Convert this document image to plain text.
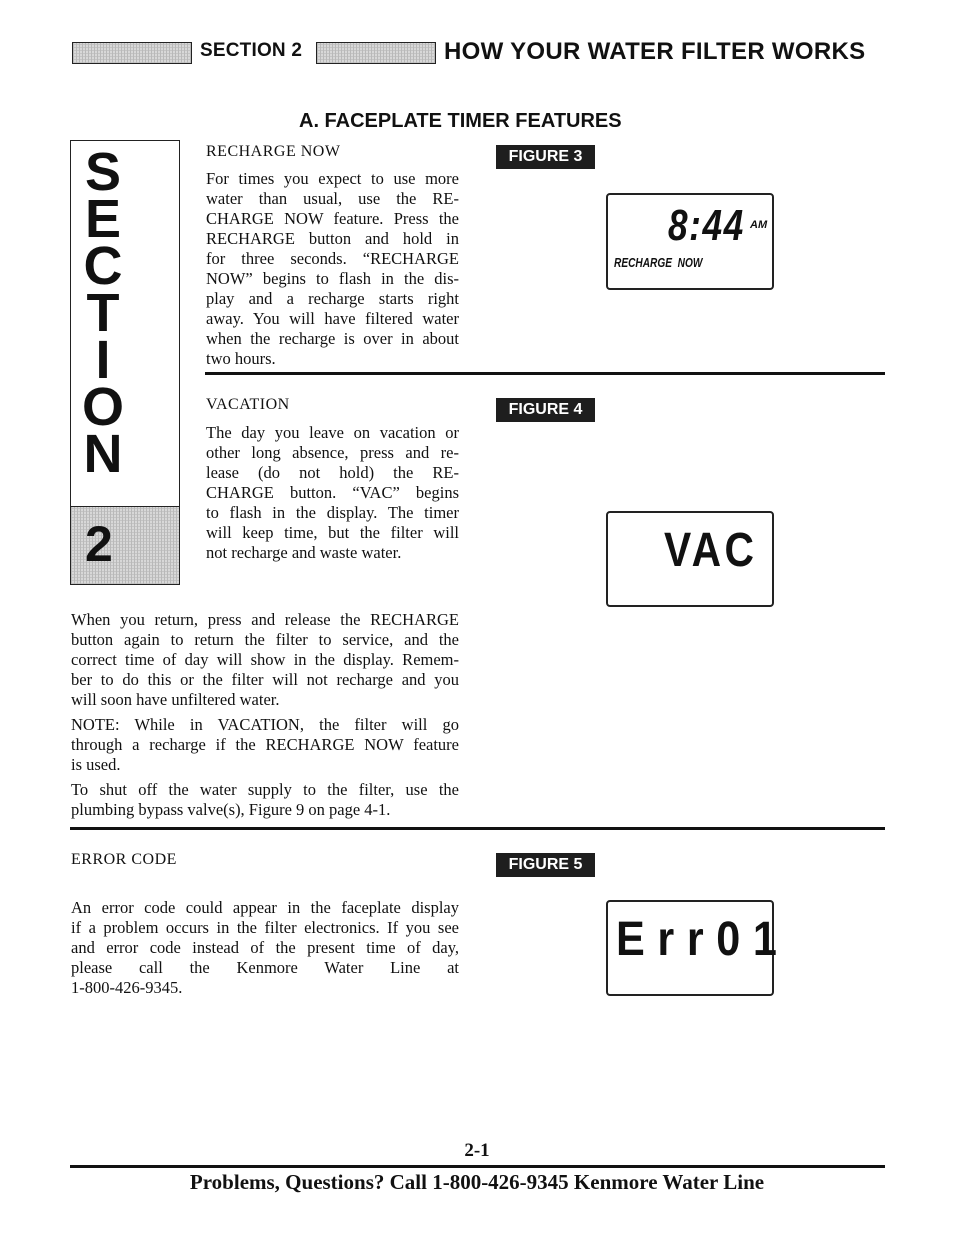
SECTION 2	HOW YOUR WATER FILTER WORKS
A. FACEPLATE TIMER FEATURES
S
E
C
T
I
O
N
2
RECHARGE NOW

For times you expect to use more

water than usual, use the RE-

CHARGE NOW feature. Press the

RECHARGE button and hold in

for three seconds. “RECHARGE

NOW” begins to flash in the dis-

play and a recharge starts right

away. You will have filtered water

when the recharge is over in about

two hours.

FIGURE 3
8:44 AM
RECHARGE  NOW
VACATION

The day you leave on vacation or

other long absence, press and re-

lease (do not hold) the RE-

CHARGE button. “VAC” begins

to flash in the display. The timer

will keep time, but the filter will

not recharge and waste water.

FIGURE 4
VAC

When you return, press and release the RECHARGE

button again to return the filter to service, and the

correct time of day will show in the display. Remem-

ber to do this or the filter will not recharge and you

will soon have unfiltered water.

NOTE: While in VACATION, the filter will go

through a recharge if the RECHARGE NOW feature

is used.

To shut off the water supply to the filter, use the

plumbing bypass valve(s), Figure 9 on page 4-1.

ERROR CODE

An error code could appear in the faceplate display

if a problem occurs in the filter electronics. If you see

and error code instead of the present time of day,

please call the Kenmore Water Line at

1-800-426-9345.

FIGURE 5
Err01
2-1
Problems, Questions? Call 1-800-426-9345 Kenmore Water Line
